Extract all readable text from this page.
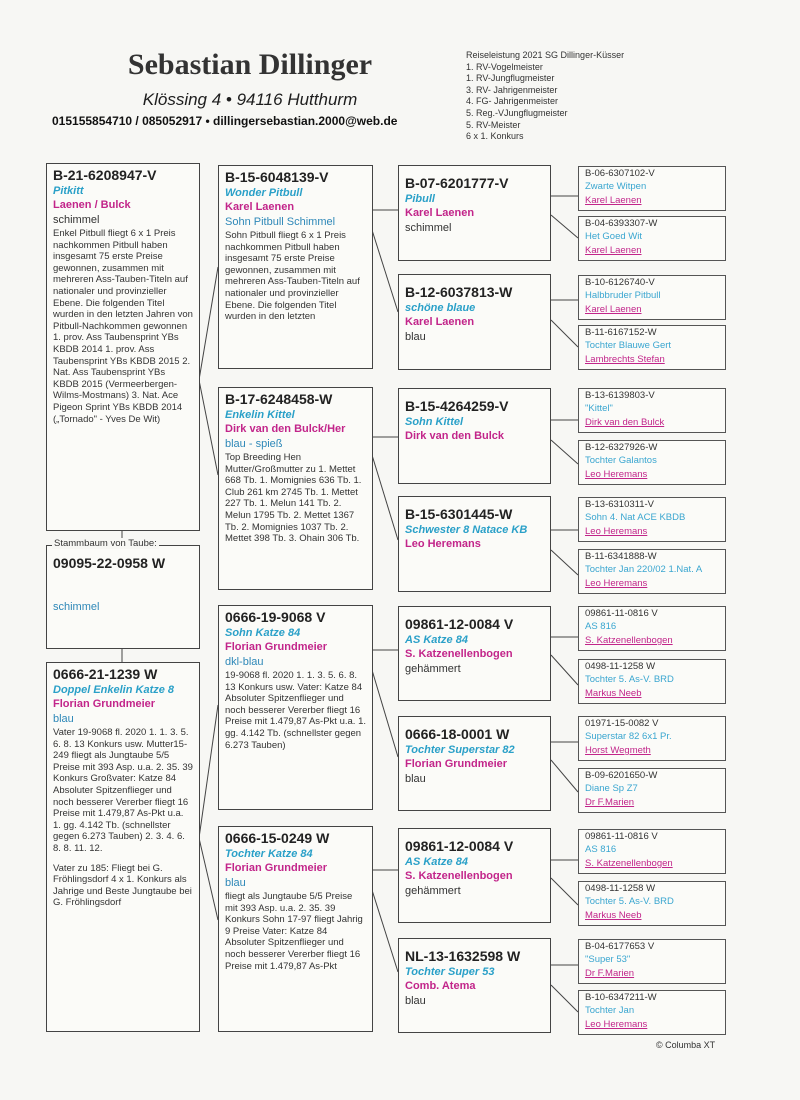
Sebastian Dillinger
Klössing 4 • 94116 Hutthurm
015155854710 / 085052917 • dillingersebastian.2000@web.de
Reiseleistung 2021 SG Dillinger-Küsser
1. RV-Vogelmeister
1. RV-Jungflugmeister
3. RV- Jahrigenmeister
4. FG- Jahrigenmeister
5. Reg.-VJungflugmeister
5. RV-Meister
6 x 1. Konkurs
B-21-6208947-V
Pitkitt
Laenen / Bulck
schimmel
Enkel Pitbull fliegt 6 x 1 Preis nachkommen Pitbull haben insgesamt 75 erste Preise gewonnen, zusammen mit mehreren Ass-Tauben-Titeln auf nationaler und provinzieller Ebene. Die folgenden Titel wurden in den letzten Jahren von Pitbull-Nachkommen gewonnen 1. prov. Ass Taubensprint YBs KBDB 2014 1. prov. Ass Taubensprint YBs KBDB 2015 2. Nat. Ass Taubensprint YBs KBDB 2015 (Vermeerbergen-Wilms-Mostmans) 3. Nat. Ace Pigeon Sprint YBs KBDB 2014 („Tornado" - Yves De Wit)
09095-22-0958 W
schimmel
Stammbaum von Taube:
0666-21-1239 W
Doppel Enkelin Katze 8
Florian Grundmeier
blau
Vater 19-9068 fl. 2020 1. 1. 3. 5. 6. 8. 13 Konkurs usw. Mutter15-249 fliegt als Jungtaube 5/5 Preise mit 393 Asp. u.a. 2. 35. 39 Konkurs Großvater: Katze 84 Absoluter Spitzenflieger und noch besserer Vererber fliegt 16 Preise mit 1.479,87 As-Pkt u.a. 1. gg. 4.142 Tb. (schnellster gegen 6.273 Tauben) 2. 3. 4. 6. 8. 8. 11. 12.
Vater zu 185: Fliegt bei G. Fröhlingsdorf 4 x 1. Konkurs als Jahrige und Beste Jungtaube bei G. Fröhlingsdorf
B-15-6048139-V
Wonder Pitbull
Karel Laenen
Sohn Pitbull Schimmel
Sohn Pitbull fliegt 6 x 1 Preis nachkommen Pitbull haben insgesamt 75 erste Preise gewonnen, zusammen mit mehreren Ass-Tauben-Titeln auf nationaler und provinzieller Ebene. Die folgenden Titel wurden in den letzten
B-17-6248458-W
Enkelin Kittel
Dirk van den Bulck/Her
blau - spieß
Top Breeding Hen Mutter/Großmutter zu 1. Mettet 668 Tb. 1. Momignies 636 Tb. 1. Club 261 km 2745 Tb. 1. Mettet 227 Tb. 1. Melun 141 Tb. 2. Melun 1795 Tb. 2. Mettet 1367 Tb. 2. Momignies 1037 Tb. 2. Mettet 398 Tb. 3. Ohain 306 Tb.
0666-19-9068 V
Sohn Katze 84
Florian Grundmeier
dkl-blau
19-9068 fl. 2020 1. 1. 3. 5. 6. 8. 13 Konkurs usw. Vater: Katze 84 Absoluter Spitzenflieger und noch besserer Vererber fliegt 16 Preise mit 1.479,87 As-Pkt u.a. 1. gg. 4.142 Tb. (schnellster gegen 6.273 Tauben)
0666-15-0249 W
Tochter Katze 84
Florian Grundmeier
blau
fliegt als Jungtaube 5/5 Preise mit 393 Asp. u.a. 2. 35. 39 Konkurs Sohn 17-97 fliegt Jahrig 9 Preise Vater: Katze 84 Absoluter Spitzenflieger und noch besserer Vererber fliegt 16 Preise mit 1.479,87 As-Pkt
B-07-6201777-V
Pibull
Karel Laenen
schimmel
B-12-6037813-W
schöne blaue
Karel Laenen
blau
B-15-4264259-V
Sohn Kittel
Dirk van den Bulck
B-15-6301445-W
Schwester 8 Natace KB
Leo Heremans
09861-12-0084 V
AS Katze 84
S. Katzenellenbogen
gehämmert
0666-18-0001 W
Tochter Superstar 82
Florian Grundmeier
blau
09861-12-0084 V
AS Katze 84
S. Katzenellenbogen
gehämmert
NL-13-1632598 W
Tochter Super 53
Comb. Atema
blau
B-06-6307102-V
Zwarte Witpen
Karel Laenen
B-04-6393307-W
Het Goed Wit
Karel Laenen
B-10-6126740-V
Halbbruder Pitbull
Karel Laenen
B-11-6167152-W
Tochter Blauwe Gert
Lambrechts Stefan
B-13-6139803-V
"Kittel"
Dirk van den Bulck
B-12-6327926-W
Tochter Galantos
Leo Heremans
B-13-6310311-V
Sohn 4. Nat ACE KBDB
Leo Heremans
B-11-6341888-W
Tochter Jan 220/02 1.Nat. A
Leo Heremans
09861-11-0816 V
AS 816
S. Katzenellenbogen
0498-11-1258 W
Tochter 5. As-V. BRD
Markus Neeb
01971-15-0082 V
Superstar 82 6x1 Pr.
Horst Wegmeth
B-09-6201650-W
Diane Sp Z7
Dr F.Marien
09861-11-0816 V
AS 816
S. Katzenellenbogen
0498-11-1258 W
Tochter 5. As-V. BRD
Markus Neeb
B-04-6177653 V
"Super 53"
Dr F.Marien
B-10-6347211-W
Tochter Jan
Leo Heremans
© Columba XT
